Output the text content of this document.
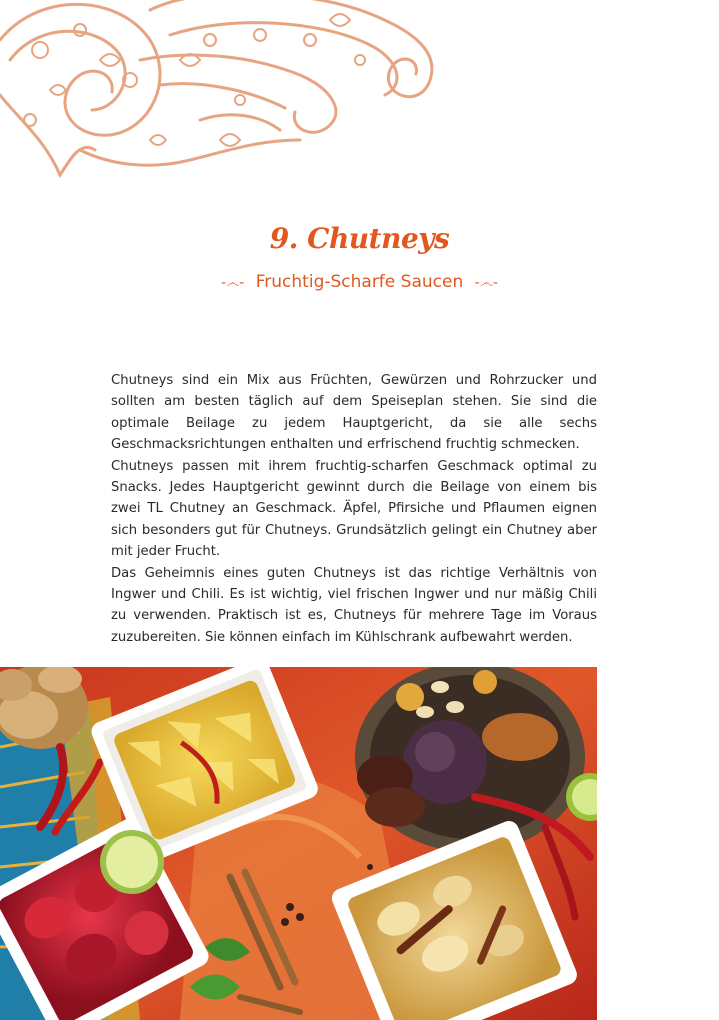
9. Chutneys
-෴- Fruchtig-Scharfe Saucen -෴-

Chutneys sind ein Mix aus Früchten, Gewürzen und Rohrzucker und sollten am besten täglich auf dem Speiseplan stehen. Sie sind die optimale Beilage zu jedem Hauptgericht, da sie alle sechs Geschmacksrichtungen enthalten und erfrischend fruchtig schmecken.

Chutneys passen mit ihrem fruchtig-scharfen Geschmack optimal zu Snacks. Jedes Hauptgericht gewinnt durch die Beilage von einem bis zwei TL Chutney an Geschmack. Äpfel, Pfirsiche und Pflaumen eignen sich besonders gut für Chutneys. Grundsätzlich gelingt ein Chutney aber mit jeder Frucht.

Das Geheimnis eines guten Chutneys ist das richtige Verhältnis von Ingwer und Chili. Es ist wichtig, viel frischen Ingwer und nur mäßig Chili zu verwenden. Praktisch ist es, Chutneys für mehrere Tage im Voraus zuzubereiten. Sie können einfach im Kühlschrank aufbewahrt werden.
